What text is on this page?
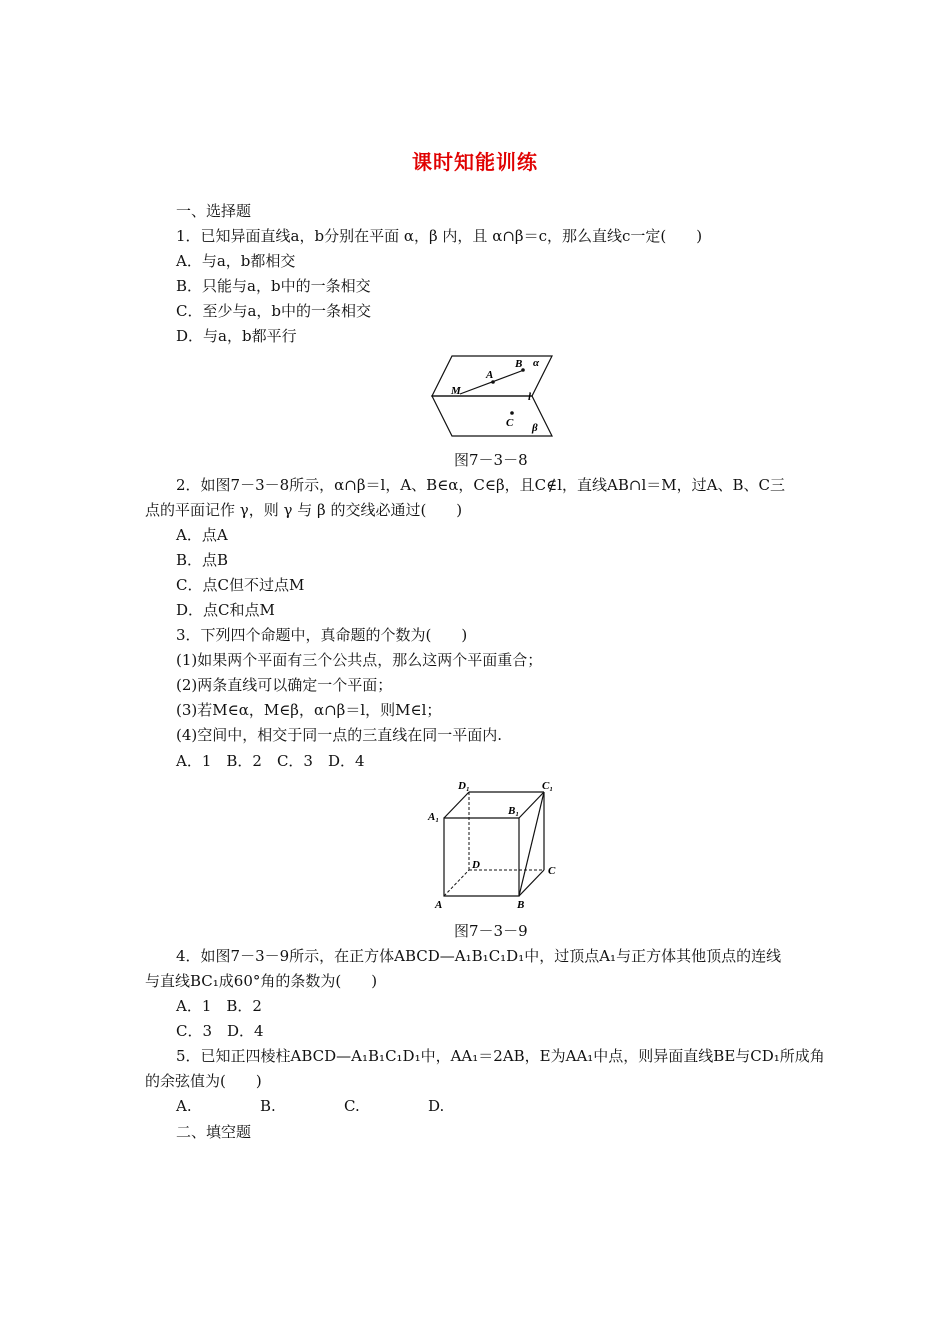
课时知能训练
一、选择题
1．已知异面直线a，b分别在平面 α，β 内，且 α∩β＝c，那么直线c一定(　　)
A．与a，b都相交
B．只能与a，b中的一条相交
C．至少与a，b中的一条相交
D．与a，b都平行
α
β
l
M
A
B
C
图7－3－8
2．如图7－3－8所示，α∩β＝l，A、B∈α，C∈β，且C∉l，直线AB∩l＝M，过A、B、C三
点的平面记作 γ，则 γ 与 β 的交线必通过(　　)
A．点A
B．点B
C．点C但不过点M
D．点C和点M
3．下列四个命题中，真命题的个数为(　　)
(1)如果两个平面有三个公共点，那么这两个平面重合；
(2)两条直线可以确定一个平面；
(3)若M∈α，M∈β，α∩β＝l，则M∈l；
(4)空间中，相交于同一点的三直线在同一平面内.
A．1　B．2　C．3　D．4
D₁	C₁
A₁	B₁
D	C
A	B
图7－3－9
4．如图7－3－9所示，在正方体ABCD—A₁B₁C₁D₁中，过顶点A₁与正方体其他顶点的连线
与直线BC₁成60°角的条数为(　　)
A．1　B．2
C．3　D．4
5．已知正四棱柱ABCD—A₁B₁C₁D₁中，AA₁＝2AB，E为AA₁中点，则异面直线BE与CD₁所成角
的余弦值为(　　)
A.	B.	C.	D.
二、填空题
